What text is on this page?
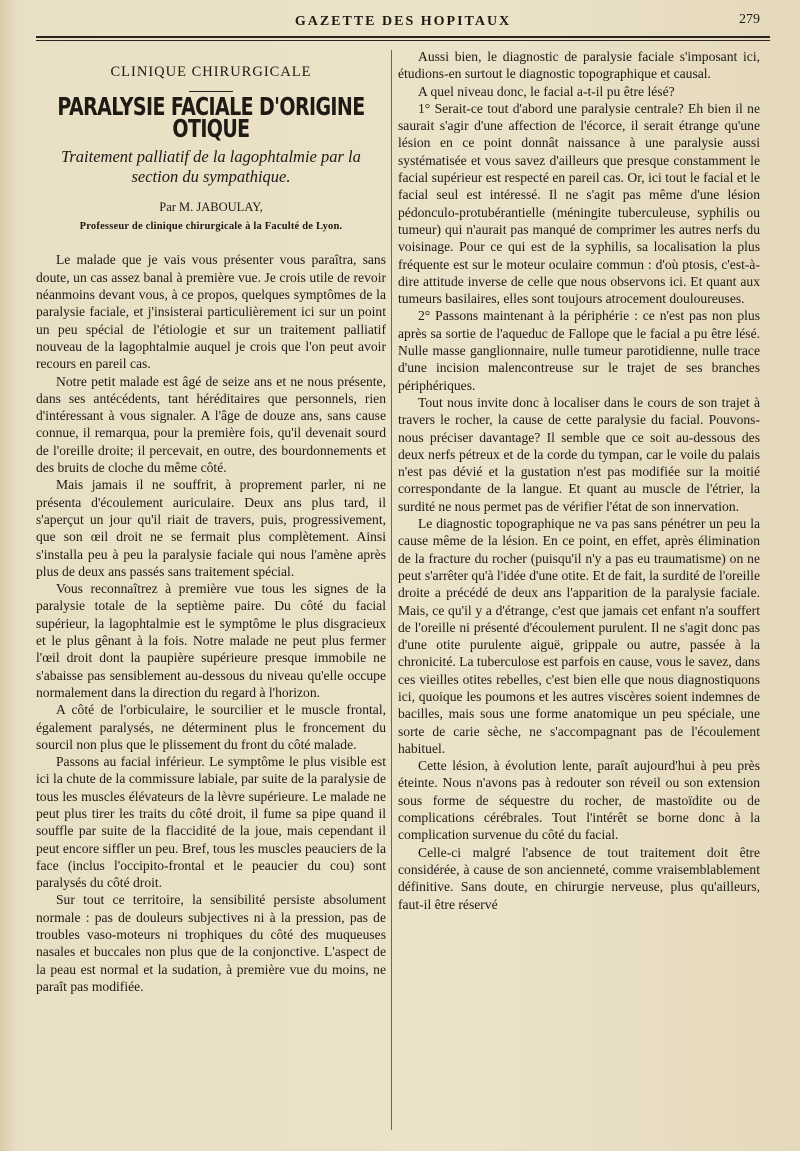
GAZETTE DES HOPITAUX	279
CLINIQUE CHIRURGICALE
PARALYSIE FACIALE D'ORIGINE OTIQUE
Traitement palliatif de la lagophtalmie par la section du sympathique.
Par M. JABOULAY,
Professeur de clinique chirurgicale à la Faculté de Lyon.

Le malade que je vais vous présenter vous paraîtra, sans doute, un cas assez banal à première vue. Je crois utile de revoir néanmoins devant vous, à ce propos, quelques symptômes de la paralysie faciale, et j'insisterai particulièrement ici sur un point un peu spécial de l'étiologie et sur un traitement palliatif nouveau de la lagophtalmie auquel je crois que l'on peut avoir recours en pareil cas.

Notre petit malade est âgé de seize ans et ne nous présente, dans ses antécédents, tant héréditaires que personnels, rien d'intéressant à vous signaler. A l'âge de douze ans, sans cause connue, il remarqua, pour la première fois, qu'il devenait sourd de l'oreille droite; il percevait, en outre, des bourdonnements et des bruits de cloche du même côté.

Mais jamais il ne souffrit, à proprement parler, ni ne présenta d'écoulement auriculaire. Deux ans plus tard, il s'aperçut un jour qu'il riait de travers, puis, progressivement, que son œil droit ne se fermait plus complètement. Ainsi s'installa peu à peu la paralysie faciale qui nous l'amène après plus de deux ans passés sans traitement spécial.

Vous reconnaîtrez à première vue tous les signes de la paralysie totale de la septième paire. Du côté du facial supérieur, la lagophtalmie est le symptôme le plus disgracieux et le plus gênant à la fois. Notre malade ne peut plus fermer l'œil droit dont la paupière supérieure presque immobile ne s'abaisse pas sensiblement au-dessous du niveau qu'elle occupe normalement dans la direction du regard à l'horizon.

A côté de l'orbiculaire, le sourcilier et le muscle frontal, également paralysés, ne déterminent plus le froncement du sourcil non plus que le plissement du front du côté malade.

Passons au facial inférieur. Le symptôme le plus visible est ici la chute de la commissure labiale, par suite de la paralysie de tous les muscles élévateurs de la lèvre supérieure. Le malade ne peut plus tirer les traits du côté droit, il fume sa pipe quand il souffle par suite de la flaccidité de la joue, mais cependant il peut encore siffler un peu. Bref, tous les muscles peauciers de la face (inclus l'occipito-frontal et le peaucier du cou) sont paralysés du côté droit.

Sur tout ce territoire, la sensibilité persiste absolument normale : pas de douleurs subjectives ni à la pression, pas de troubles vaso-moteurs ni trophiques du côté des muqueuses nasales et buccales non plus que de la conjonctive. L'aspect de la peau est normal et la sudation, à première vue du moins, ne paraît pas modifiée.

Aussi bien, le diagnostic de paralysie faciale s'imposant ici, étudions-en surtout le diagnostic topographique et causal.

A quel niveau donc, le facial a-t-il pu être lésé?

1° Serait-ce tout d'abord une paralysie centrale? Eh bien il ne saurait s'agir d'une affection de l'écorce, il serait étrange qu'une lésion en ce point donnât naissance à une paralysie aussi systématisée et vous savez d'ailleurs que presque constamment le facial supérieur est respecté en pareil cas. Or, ici tout le facial et le facial seul est intéressé. Il ne s'agit pas même d'une lésion pédonculo-protubérantielle (méningite tuberculeuse, syphilis ou tumeur) qui n'aurait pas manqué de comprimer les autres nerfs du voisinage. Pour ce qui est de la syphilis, sa localisation la plus fréquente est sur le moteur oculaire commun : d'où ptosis, c'est-à-dire attitude inverse de celle que nous observons ici. Et quant aux tumeurs basilaires, elles sont toujours atrocement douloureuses.

2° Passons maintenant à la périphérie : ce n'est pas non plus après sa sortie de l'aqueduc de Fallope que le facial a pu être lésé. Nulle masse ganglionnaire, nulle tumeur parotidienne, nulle trace d'une incision malencontreuse sur le trajet de ses branches périphériques.

Tout nous invite donc à localiser dans le cours de son trajet à travers le rocher, la cause de cette paralysie du facial. Pouvons-nous préciser davantage? Il semble que ce soit au-dessous des deux nerfs pétreux et de la corde du tympan, car le voile du palais n'est pas dévié et la gustation n'est pas modifiée sur la moitié correspondante de la langue. Et quant au muscle de l'étrier, la surdité ne nous permet pas de vérifier l'état de son innervation.

Le diagnostic topographique ne va pas sans pénétrer un peu la cause même de la lésion. En ce point, en effet, après élimination de la fracture du rocher (puisqu'il n'y a pas eu traumatisme) on ne peut s'arrêter qu'à l'idée d'une otite. Et de fait, la surdité de l'oreille droite a précédé de deux ans l'apparition de la paralysie faciale. Mais, ce qu'il y a d'étrange, c'est que jamais cet enfant n'a souffert de l'oreille ni présenté d'écoulement purulent. Il ne s'agit donc pas d'une otite purulente aiguë, grippale ou autre, passée à la chronicité. La tuberculose est parfois en cause, vous le savez, dans ces vieilles otites rebelles, c'est bien elle que nous diagnostiquons ici, quoique les poumons et les autres viscères soient indemnes de bacilles, mais sous une forme anatomique un peu spéciale, une sorte de carie sèche, ne s'accompagnant pas de l'écoulement habituel.

Cette lésion, à évolution lente, paraît aujourd'hui à peu près éteinte. Nous n'avons pas à redouter son réveil ou son extension sous forme de séquestre du rocher, de mastoïdite ou de complications cérébrales. Tout l'intérêt se borne donc à la complication survenue du côté du facial.

Celle-ci malgré l'absence de tout traitement doit être considérée, à cause de son ancienneté, comme vraisemblablement définitive. Sans doute, en chirurgie nerveuse, plus qu'ailleurs, faut-il être réservé
